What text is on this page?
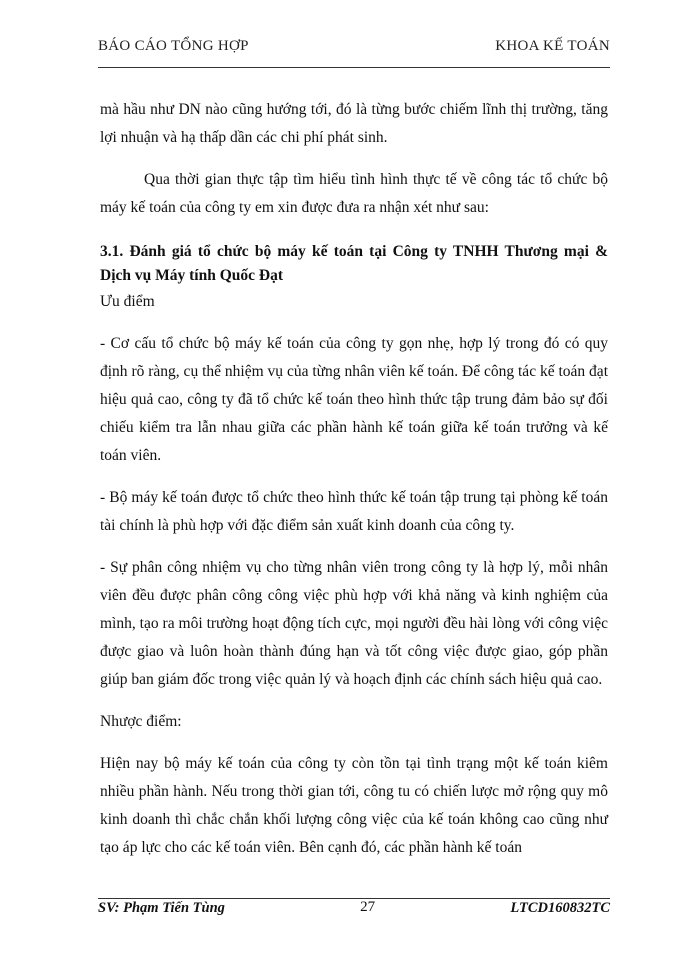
BÁO CÁO TỔNG HỢP	KHOA KẾ TOÁN

mà hầu như DN nào cũng hướng tới, đó là từng bước chiếm lĩnh thị trường, tăng lợi nhuận và hạ thấp dần các chi phí phát sinh.

Qua thời gian thực tập tìm hiểu tình hình thực tế về công tác tổ chức bộ máy kế toán của công ty em xin được đưa ra nhận xét như sau:

3.1. Đánh giá tổ chức bộ máy kế toán tại Công ty TNHH Thương mại & Dịch vụ Máy tính Quốc Đạt

Ưu điểm

- Cơ cấu tổ chức bộ máy kế toán của công ty gọn nhẹ, hợp lý trong đó có quy định rõ ràng, cụ thể nhiệm vụ của từng nhân viên kế toán. Để công tác kế toán đạt hiệu quả cao, công ty đã tổ chức kế toán theo hình thức tập trung đảm bảo sự đối chiếu kiểm tra lẫn nhau giữa các phần hành kế toán giữa kế toán trưởng và kế toán viên.

- Bộ máy kế toán được tổ chức theo hình thức kế toán tập trung tại phòng kế toán tài chính là phù hợp với đặc điểm sản xuất kinh doanh của công ty.

- Sự phân công nhiệm vụ cho từng nhân viên trong công ty là hợp lý, mỗi nhân viên đều được phân công công việc phù hợp với khả năng và kinh nghiệm của mình, tạo ra môi trường hoạt động tích cực, mọi người đều hài lòng với công việc được giao và luôn hoàn thành đúng hạn và tốt công việc được giao, góp phần giúp ban giám đốc trong việc quản lý và hoạch định các chính sách hiệu quả cao.

Nhược điểm:

Hiện nay bộ máy kế toán của công ty còn tồn tại tình trạng một kế toán kiêm nhiều phần hành. Nếu trong thời gian tới, công tu có chiến lược mở rộng quy mô kinh doanh thì chắc chắn khối lượng công việc của kế toán không cao cũng như tạo áp lực cho các kế toán viên. Bên cạnh đó, các phần hành kế toán

SV: Phạm Tiến Tùng	27	LTCD160832TC
